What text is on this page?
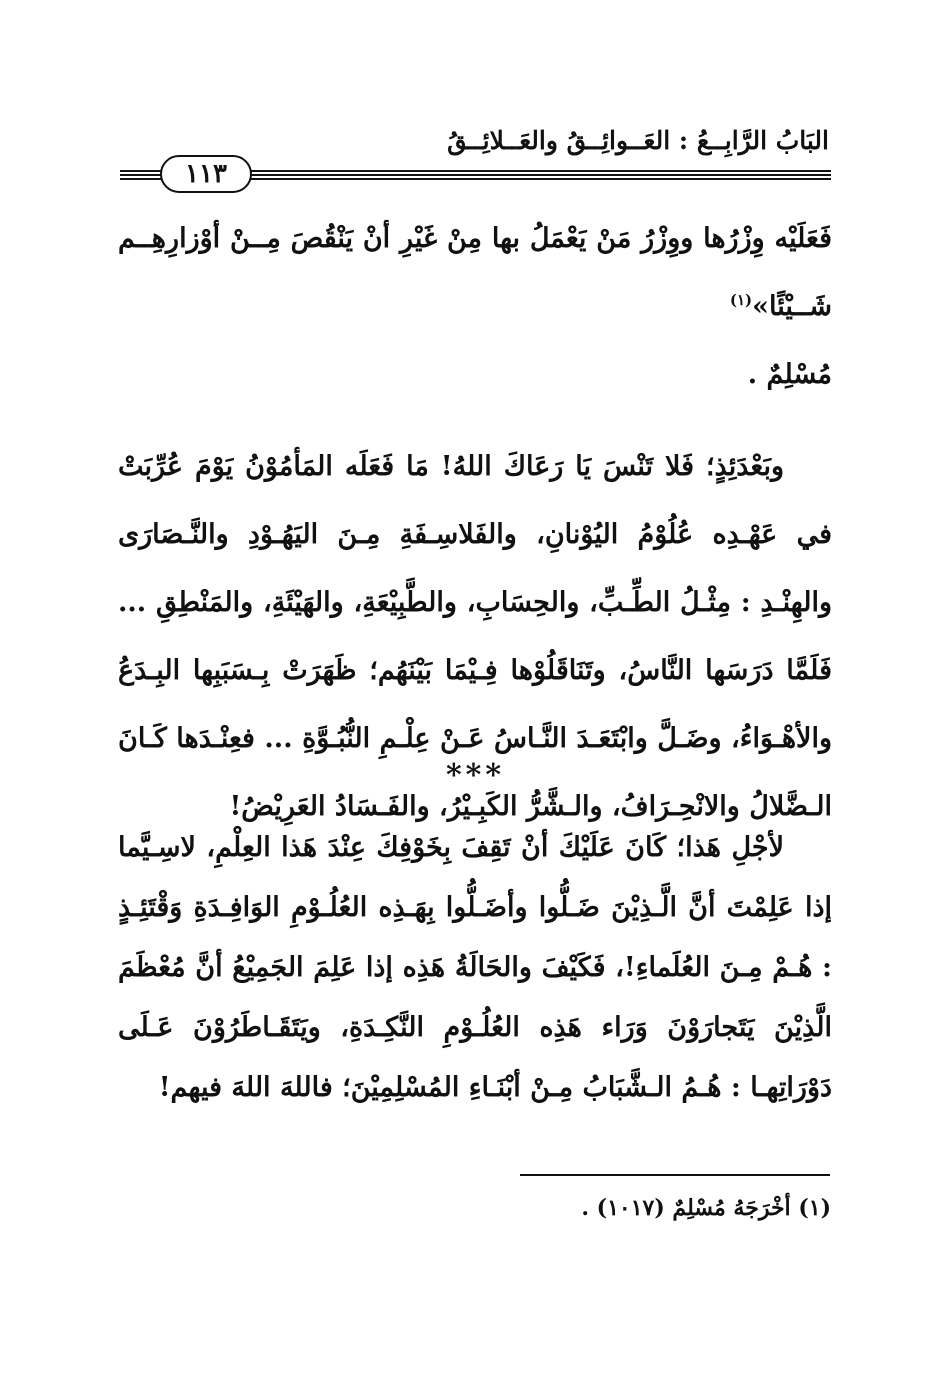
البَابُ الرَّابِــعُ : العَــوائِــقُ والعَــلائِــقُ
١١٣

فَعَلَيْه وِزْرُها ووِزْرُ مَنْ يَعْمَلُ بها مِنْ غَيْرِ أنْ يَنْقُصَ مِــنْ أوْزارِهِــم شَــيْئًا»$^{(١)}$

مُسْلِمٌ .

وبَعْدَئِذٍ؛ فَلا تَنْسَ يَا رَعَاكَ اللهُ! مَا فَعَلَه المَأمُوْنُ يَوْمَ عُرِّبَتْ في عَهْـدِه عُلُوْمُ اليُوْنانِ، والفَلاسِـفَةِ مِـنَ اليَهُـوْدِ والنَّـصَارَى والهِنْـدِ : مِثْـلُ الطِّـبِّ، والحِسَابِ، والطَّبِيْعَةِ، والهَيْئَةِ، والمَنْطِقِ ... فَلَمَّا دَرَسَها النَّاسُ، وتَنَاقَلُوْها فِـيْمَا بَيْنَهُم؛ ظَهَرَتْ بِـسَبَبِها البِـدَعُ والأهْـوَاءُ، وضَـلَّ وابْتَعَـدَ النَّـاسُ عَـنْ عِلْـمِ النُّبُـوَّةِ ... فعِنْـدَها كَـانَ الـضَّلالُ والانْحِـرَافُ، والـشَّرُّ الكَبِـيْرُ، والفَـسَادُ العَرِيْضُ!

***

لأجْلِ هَذا؛ كَانَ عَلَيْكَ أنْ تَقِفَ بِخَوْفِكَ عِنْدَ هَذا العِلْمِ، لاسِـيَّما إذا عَلِمْتَ أنَّ الَّـذِيْنَ ضَـلُّوا وأضَـلُّوا بِهَـذِه العُلُـوْمِ الوَافِـدَةِ وَقْتَئِـذٍ : هُـمْ مِـنَ العُلَماءِ!، فَكَيْفَ والحَالَةُ هَذِه إذا عَلِمَ الجَمِيْعُ أنَّ مُعْظَمَ الَّذِيْنَ يَتَجارَوْنَ وَرَاء هَذِه العُلُـوْمِ النَّكِـدَةِ، ويَتَقَـاطَرُوْنَ عَـلَى دَوْرَاتِهـا : هُـمُ الـشَّبَابُ مِـنْ أبْنَـاءِ المُسْلِمِيْنَ؛ فاللهَ اللهَ فيهم!

(١) أخْرَجَهُ مُسْلِمٌ (١٠١٧) .
